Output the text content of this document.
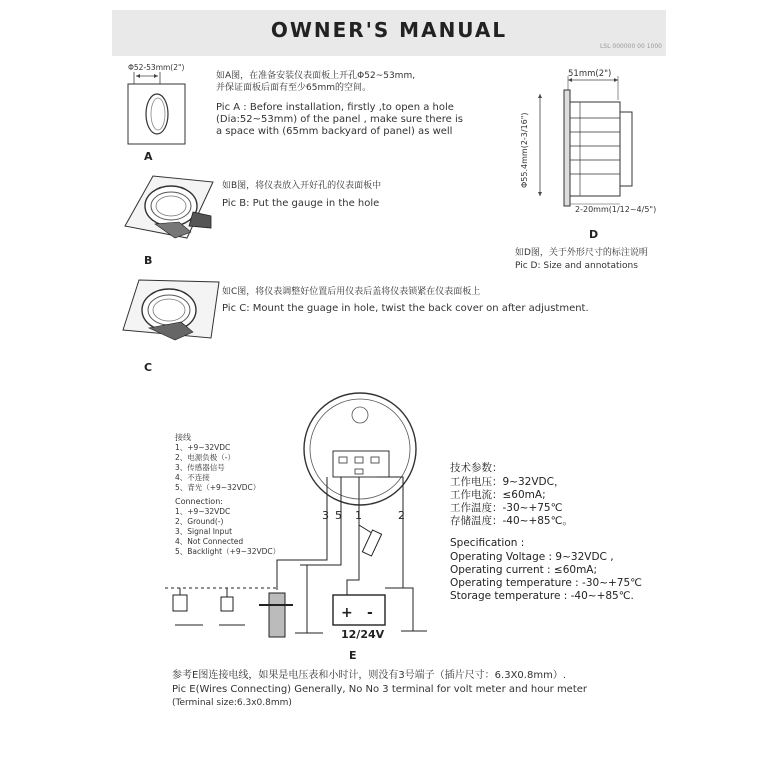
OWNER'S MANUAL
LSL 000000 00 1000
Φ52-53mm(2")
如A图，在准备安装仪表面板上开孔Φ52~53mm,
并保证面板后面有至少65mm的空间。
Pic A : Before installation, firstly ,to open a hole
(Dia:52~53mm) of the panel , make sure there is
a space with (65mm backyard of panel) as well
A
如B图，将仪表放入开好孔的仪表面板中
Pic B: Put the gauge in the hole
B
如C图，将仪表调整好位置后用仪表后盖将仪表锁紧在仪表面板上
Pic C: Mount the guage in hole, twist the back cover on after adjustment.
C
51mm(2")
Φ55.4mm(2-3/16")
2-20mm(1/12~4/5")
D
如D图，关于外形尺寸的标注说明
Pic D: Size and annotations
接线
1、+9~32VDC
2、电源负极（-）
3、传感器信号
4、不连接
5、背光（+9~32VDC）
Connection:
1、+9~32VDC
2、Ground(-)
3、Signal Input
4、Not Connected
5、Backlight（+9~32VDC）
3 5 1	2
+ -
12/24V
E
技术参数：
工作电压：9~32VDC，
工作电流：≤60mA;
工作温度：-30~+75℃
存储温度：-40~+85℃。
Specification :
Operating Voltage : 9~32VDC ,
Operating current : ≤60mA;
Operating temperature : -30~+75℃
Storage temperature : -40~+85℃.
参考E图连接电线，如果是电压表和小时计，则没有3号端子（插片尺寸：6.3X0.8mm）.
Pic E(Wires Connecting) Generally, No No 3 terminal for volt meter and hour meter
(Terminal size:6.3x0.8mm)
